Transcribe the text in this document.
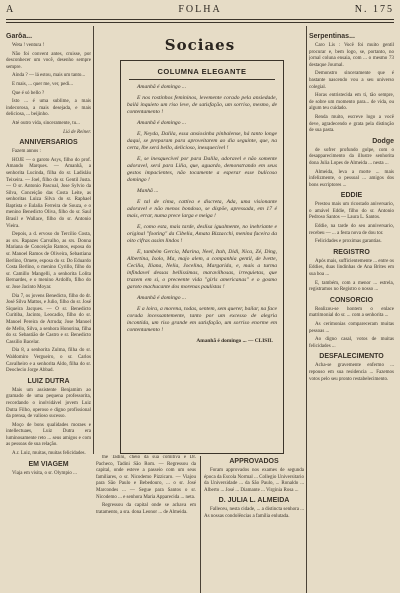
A	FOLHA	N. 175
Garôa...

Weta ! ventura !

Não foi convent antes, cruisse, por desconhecer um você, desenho sempre sempre.

Ainda ? — lá estou, mais um tanto...

E mais, ... quer me, ver, pedi...

Que é só bello ?

Isto ... é uma sublime, a mais indecorosa, a mais desejada, e mais deliciosa, ... beijinho.

Até outro vida, sinceramente, tu...

Liá de Reiner.

ANNIVERSARIOS

Fazem annos :

HOJE — o garoto Asys, filho do prof. Amando Marques. — Amanhã, a senhorita Lucinda, filha do sr. Ladisláu Teixeira. — Joel, filho do sr. Gentil Justa. — O sr. Antonio Pascoal, Jose Sylvio da Silva, Conceição das Costa Leite, as senhoritas Luiza Silva do sr. Raphael Baptista e Eulalia Ferreira de Souza, e o menino Benedicto Oliva, filho do sr. Saul Brasil e Wallace, filho do sr. Antonio Vieira.

Depois, a d. ervoso do Tercilio Costa, as srs. Rapazes Carvalho, as srs. Donna Mariana de Conceição Ramos, esposa do sr. Manoel Ramos de Oliveira, Sebastiana Berlino, Omete, esposa do sr. Do Eduardo Costa Berlino, o menino Cyrillo, filho do sr. Camillo Mangelli, a senhorita Lolita Bernardes, e o menino Ardolfo, filho do sr. Jose Jacinto Moyar.

Dia 7, os jovens Benedicto, filho do dr. José Silva Mattos, e Julio, filho do sr. José Siqueira Jacques. — O sr. Benedicto Curitiba, Jacinto, Leocadio, filho do sr. Manoel Pereira de Arruda; Jose Manoel de Mello, Silva, a senhora Honorina, filha do sr. Sebastião de Castro e sr. Benedicto Cassilio Bacelar.

Dia 8, a senhorita Zulma, filha do sr. Waldomiro Vergueiro, o sr. Carlos Cavalheiro e a senhorita Aldo, filha do sr. Deoclecio Jorge Abbad.

LUIZ DUTRA

Mais um assistente Benjamim ao gramado de uma pequena professorita, recordando o inolvidável jovem Luiz Dutra Filho, operoso e digno profissional da prensa, de valioso sucesso.

Moço de bons qualidades moraes e intellectuaes, Luiz Dutra era luminosamente reto ... seus amigos e com as pessoas de sua relação.

A.r. Luiz, muitas, muitas felicidades.

EM VIAGEM

Viaja em visita, o sr. Olympio ...

Sociaes
COLUMNA ELEGANTE

Amanhã é domingo ...

E nos rostinhos femininos, levemente corado pela ansiedade, bailá inquieto um riso leve, de satisfação, um sorriso, mesmo, de contentamento !

Amanhã é domingo ...

E, Neyda, Dalila, essa ansiosinha pinbalense, há tanto longe daqui, se preparam para aproveitarem ao dia seguinte, que, na certa, lhe será bello, delicioso, inesquecível !

E, se inesquecível por para Dalila, adoravel e não somente adoravel, será para Lilia, que, aguardo, demonstrando em seus gestos impacientes, não tocamente a esperar esse bulicoso domingo !

Manhã ...

E tal de cima, cattiva e discreta, Ada, uma visionante adoravel e não menos bondoso, se dispõe, apressada, em 17 é mais, errar, numa prece larga e meiga !

E, como esta, mais tarde, deslisa igualmente, no inebriante e original "footing" da Cibelia, Amata Bizzacchi, menina faceira da oito cifras assim lindos !

E, também Gercia, Marina, Neel, Itah, Didi, Nica, Zé, Ding, Albertina, Isolo, Ma, majo alem, a companhia gentil, de Ivette, Cecilia, Iliana, Nelia, Jocelina, Margarida, e, mais a turma infindavel dessas bellissimas, maravilhosas, irrequietas, que trazem em si, o preceente vida "girls americanas" e o gosmo garoto machucante dos morenas paulistas !

Amanhã é domingo ...

E a loira, a morena, todas, sentem, sem querer, bailar, na face corada incessantemente, tanto por um excesso de alegria incontida, um riso grande em satisfação, um sorriso enorme em contentamento !

Amanhã é domingo ... — CLISIL

the Tadini, cheio da sua comitiva e Dr. Pacheco, Tadini São Rom. — Regressou da capital, onde esteve a passeio com um seus familiares, o sr. Nicodemo Pizzicaro. — Viajou para São Paulo e Bebedouro, ... o sr. José Marcondes ... — Segue para Santos o sr. Nicodemo ... e senhora Maria Apparecida ... neta.

Regressou da capital onde se achava em tratamento, a sra. dona Leonor ... de Almeida.

APPROVADOS

Foram approvados nos exames de segunda época da Escola Normal ... Collegio Universitario da Universidade ... da São Paulo, ... Ronaldo ... Alberto ... José ... Diamante ... Virginia Rosa ...

D. JULIA L. ALMEIDA

Falleceu, nesta cidade, ... a distincta senhora ... As nossas condolências a família enlutada.

Serpentinas...

Caro Lis : Você foi muito gentil procurar e, bem logo, se, portanto, no jornal coluna ensaia, com ... o mesmo 73 destaque Journal.

Demonstro sinceramente que é bastante nascendo vou a seu universo colegial.

Horas entristecida em ti, tão sempre, de sobre um momento para... de vida, ou algum teu cuidado.

Renda muito, escreve logo a você deve, agradecendo e grata pela distinção de sua pasta.

Dodge

de sofrer profundo golpe, com o desapparecimento da illustre senhorita dona Julia Lopes de Almeida ... nesta ...

Almeida, leva a morte ... mais infelizmente, o pessoal ... amigos dos bons escriptores ...

EDDIE

Prestou mais um ricostado aniversario, o amável Eddie, filho do sr. Antonio Pedroso Santos — Laura L. Santos.

Eddie, na tarde do seu anniversario, recebeu — ... a festa nova de dou tor.

Felicidades e proximas garantias.

REGISTRO

Após mais, sufficientemente ... entre os Eddies, duas lindinhas de Ana Brites em sua boa ...

E, também, com a menor ... estrela, registramos no Registro o nosso ...

CONSORCIO

Realizou-se hontem o enlace matrimonial do sr. ... com a senhorita ...

As cerimonias compareceram muitas pessoas ...

Ao digno casal, votos de muitas felicidades ...

DESFALECIMENTO

Acha-se gravemente enfermo ... repouso em sua residencia ... Fazemos votos pelo seu pronto restabelecimento.
